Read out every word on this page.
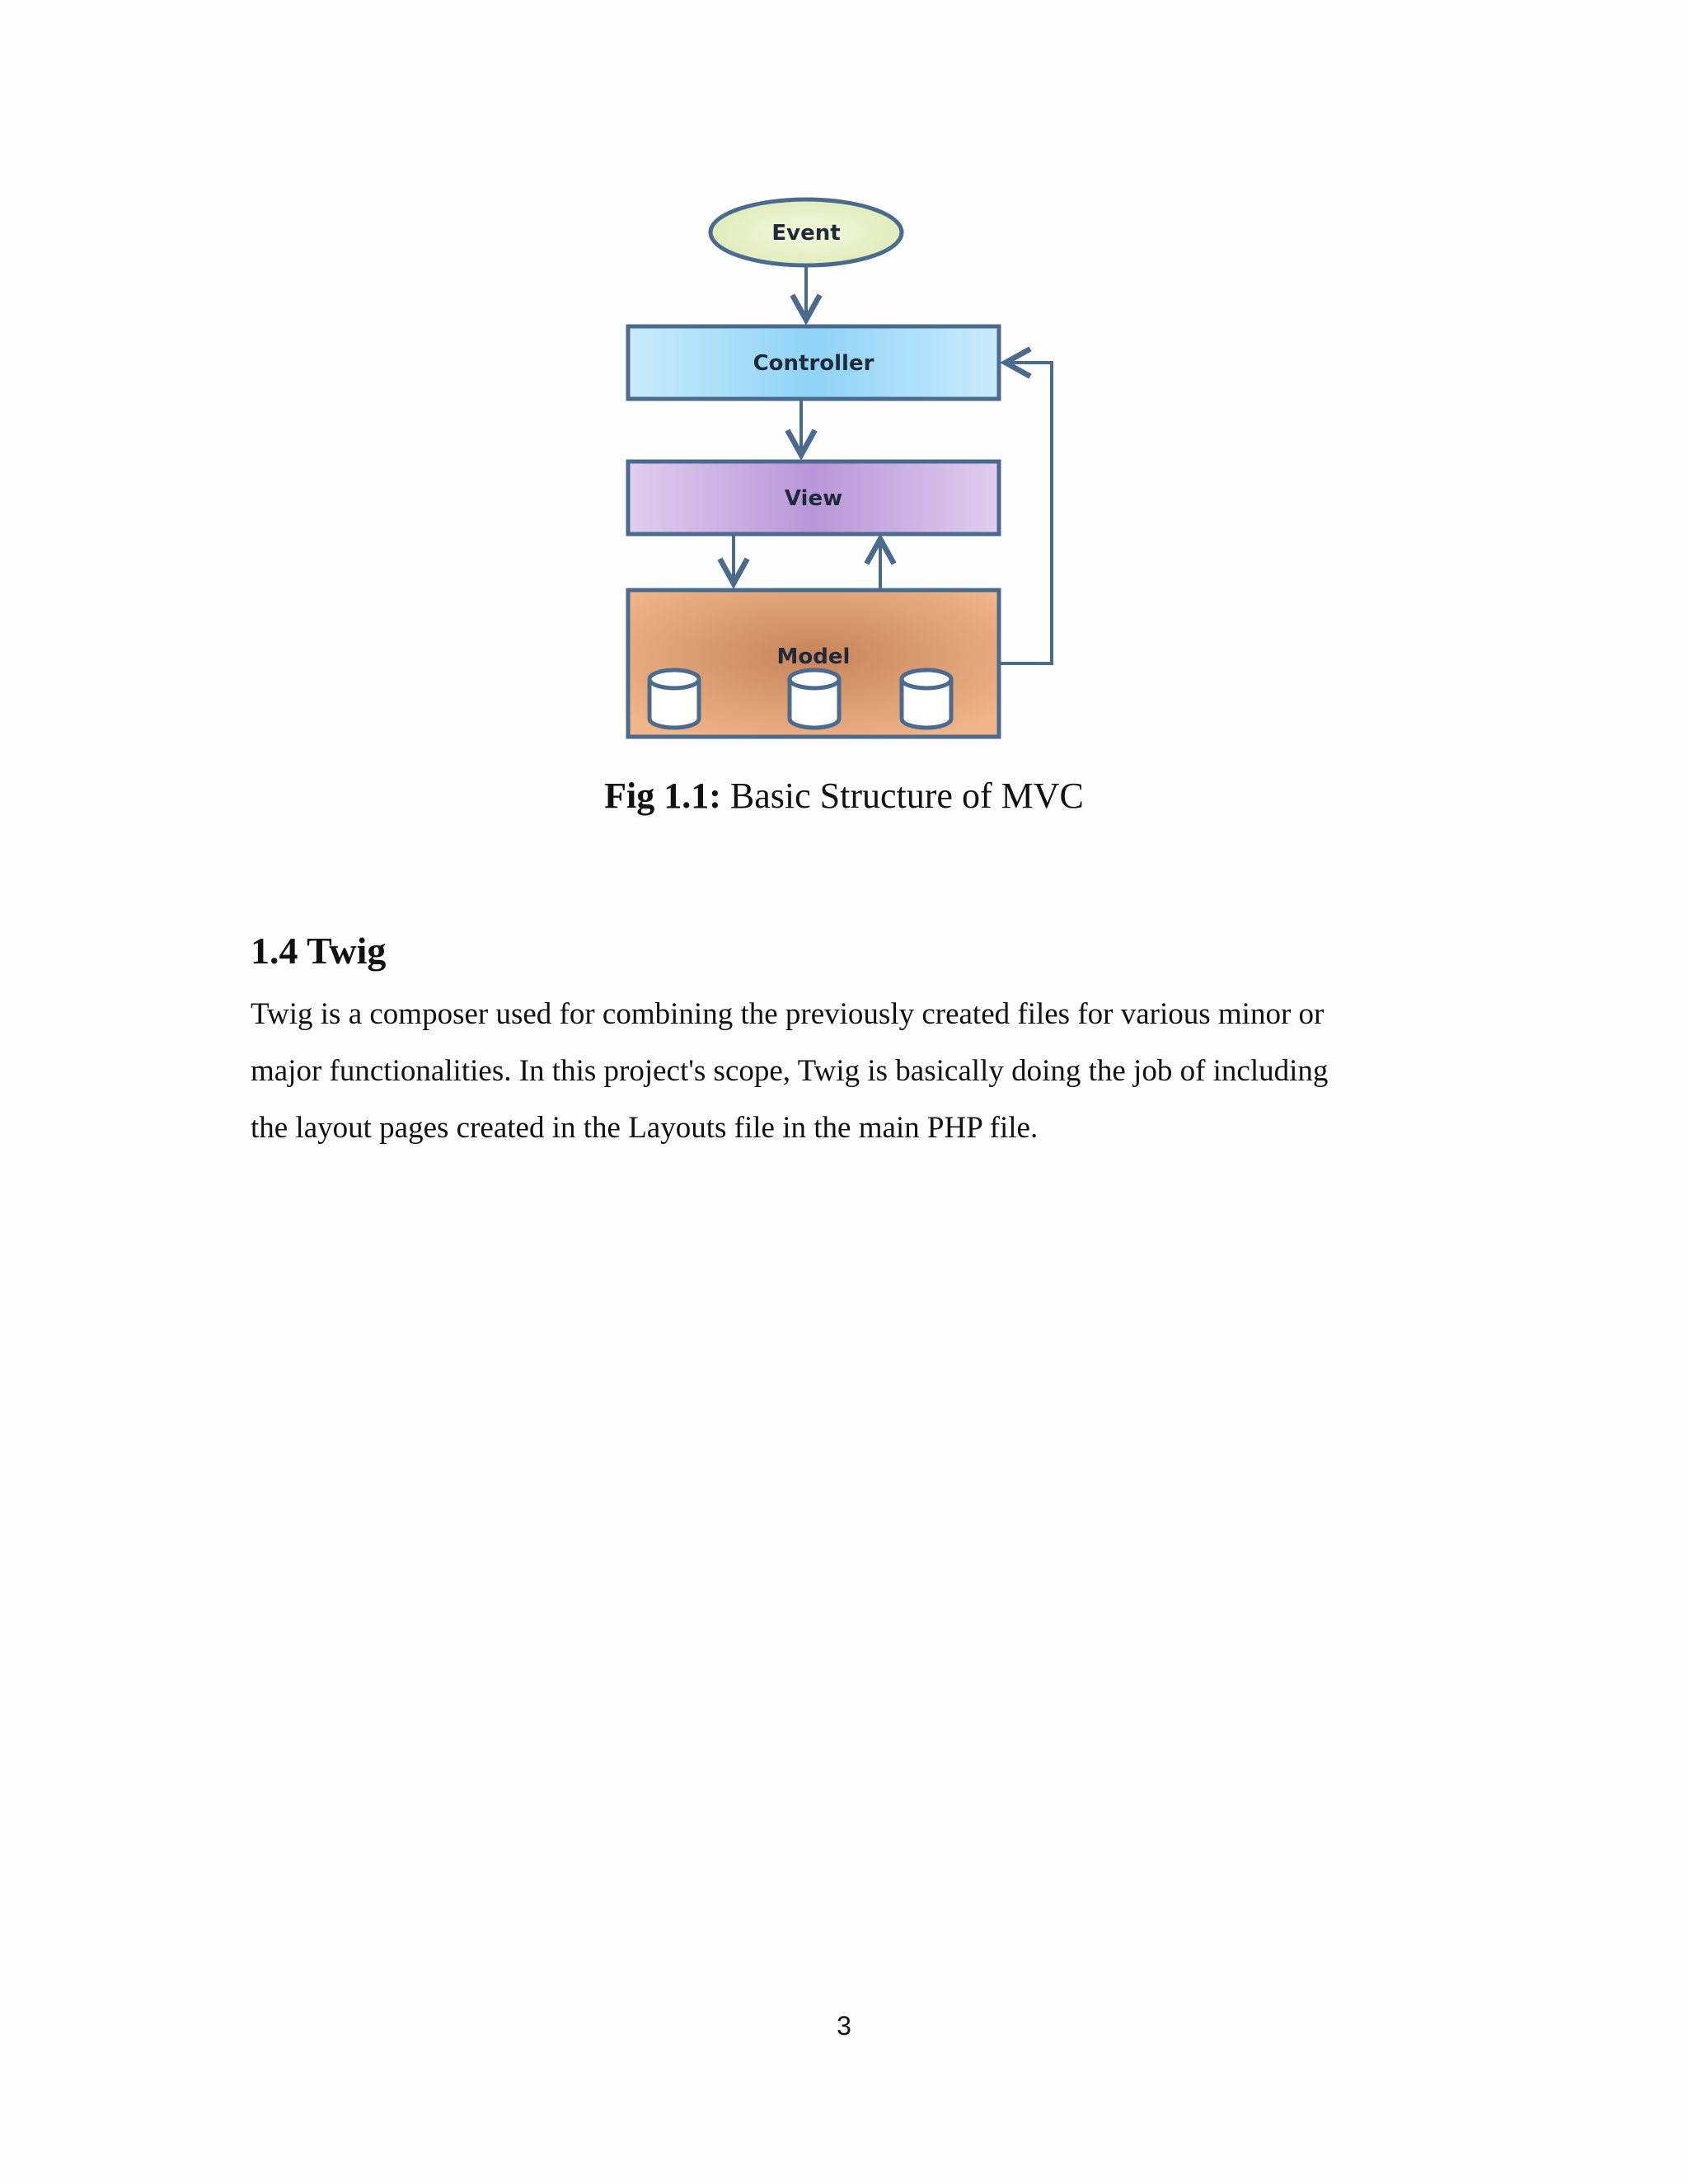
Event
Controller
View
Model

Fig 1.1: Basic Structure of MVC

1.4 Twig

Twig is a composer used for combining the previously created files for various minor or
major functionalities. In this project's scope, Twig is basically doing the job of including
the layout pages created in the Layouts file in the main PHP file.

3
